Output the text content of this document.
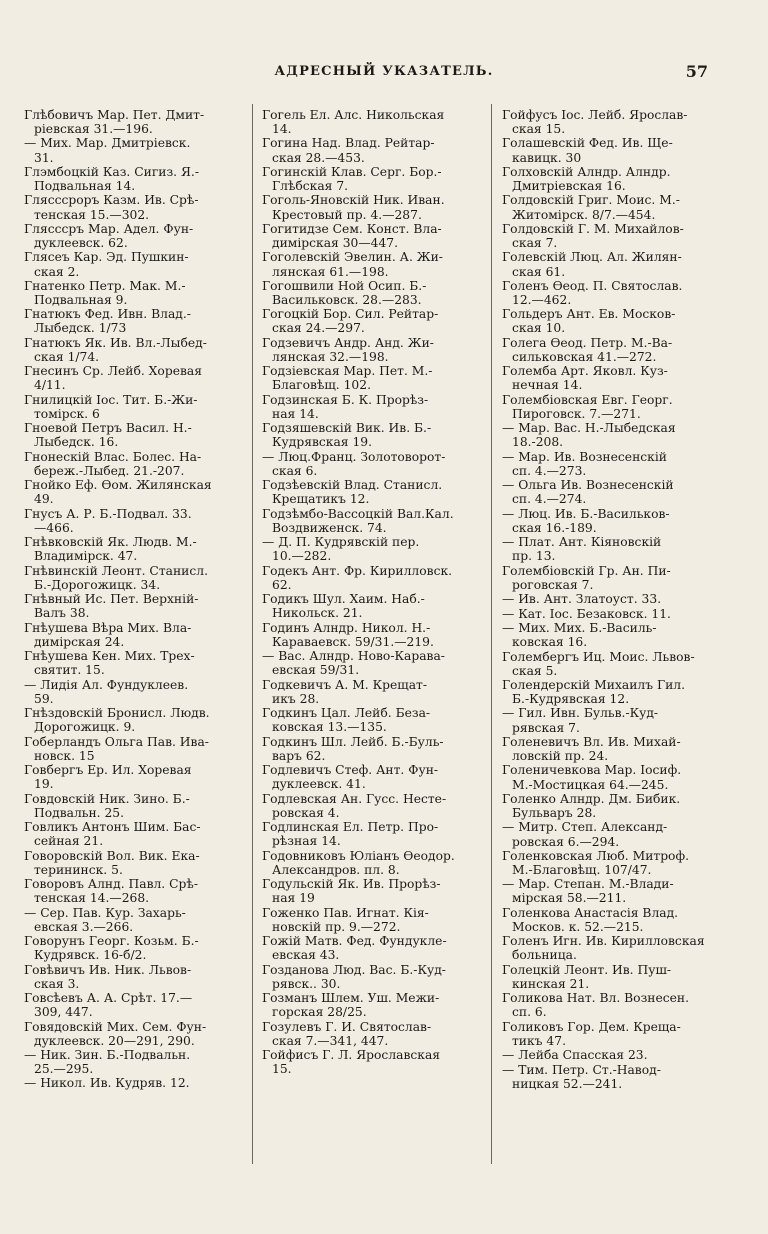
АДРЕСНЫЙ УКАЗАТЕЛЬ.	57
Глѣбовичъ Мар. Пет. Дмит-
ріевская 31.—196.
— Мих. Мар. Дмитріевск.
31.
Глэмбоцкій Каз. Сигиз. Я.-
Подвальная 14.
Глясссроръ Казм. Ив. Срѣ-
тенская 15.—302.
Глясссръ Мар. Адел. Фун-
дуклеевск. 62.
Глясеъ Кар. Эд. Пушкин-
ская 2.
Гнатенко Петр. Мак. М.-
Подвальная 9.
Гнатюкъ Фед. Ивн. Влад.-
Лыбедск. 1/73
Гнатюкъ Як. Ив. Вл.-Лыбед-
ская 1/74.
Гнесинъ Ср. Лейб. Хоревая
4/11.
Гнилицкій Іос. Тит. Б.-Жи-
томірск. 6
Гноевой Петръ Васил. Н.-
Лыбедск. 16.
Гнонескій Влас. Болес. На-
береж.-Лыбед. 21.-207.
Гнойко Еф. Ѳом. Жилянская
49.
Гнусъ А. Р. Б.-Подвал. 33.
—466.
Гнѣвковскій Як. Людв. М.-
Владимірск. 47.
Гнѣвинскій Леонт. Станисл.
Б.-Дорогожицк. 34.
Гнѣвный Ис. Пет. Верхній-
Валъ 38.
Гнѣушева Вѣра Мих. Вла-
димірская 24.
Гнѣушева Кен. Мих. Трех-
святит. 15.
— Лидія Ал. Фундуклеев.
59.
Гнѣздовскій Бронисл. Людв.
Дорогожицк. 9.
Гоберландъ Ольга Пав. Ива-
новск. 15
Говбергъ Ер. Ил. Хоревая
19.
Говдовскій Ник. Зино. Б.-
Подвальн. 25.
Говликъ Антонъ Шим. Бас-
сейная 21.
Говоровскій Вол. Вик. Ека-
терининск. 5.
Говоровъ Алнд. Павл. Срѣ-
тенская 14.—268.
— Сер. Пав. Кур. Захарь-
евская 3.—266.
Говорунъ Георг. Козьм. Б.-
Кудрявск. 16-б/2.
Говѣвичъ Ив. Ник. Львов-
ская 3.
Говсѣевъ А. А. Срѣт. 17.—
309, 447.
Говядовскій Мих. Сем. Фун-
дуклеевск. 20—291, 290.
— Ник. Зин. Б.-Подвальн.
25.—295.
— Никол. Ив. Кудряв. 12.
Гогель Ел. Алс. Никольская
14.
Гогина Над. Влад. Рейтар-
ская 28.—453.
Гогинскій Клав. Серг. Бор.-
Глѣбская 7.
Гоголь-Яновскій Ник. Иван.
Крестовый пр. 4.—287.
Гогитидзе Сем. Конст. Вла-
димірская 30—447.
Гоголевскій Эвелин. А. Жи-
лянская 61.—198.
Гогошвили Ной Осип. Б.-
Васильковск. 28.—283.
Гогоцкій Бор. Сил. Рейтар-
ская 24.—297.
Годзевичъ Андр. Анд. Жи-
лянская 32.—198.
Годзіевская Мар. Пет. М.-
Благовѣщ. 102.
Годзинская Б. К. Прорѣз-
ная 14.
Годзяшевскій Вик. Ив. Б.-
Кудрявская 19.
— Люц.Франц. Золотоворот-
ская 6.
Годзѣевскій Влад. Станисл.
Крещатикъ 12.
Годзѣмбо-Вассоцкій Вал.Кал.
Воздвиженск. 74.
— Д. П. Кудрявскій пер.
10.—282.
Годекъ Ант. Фр. Кирилловск.
62.
Годикъ Шул. Хаим. Наб.-
Никольск. 21.
Годинъ Алндр. Никол. Н.-
Караваевск. 59/31.—219.
— Вас. Алндр. Ново-Карава-
евская 59/31.
Годкевичъ А. М. Крещат-
икъ 28.
Годкинъ Цал. Лейб. Беза-
ковская 13.—135.
Годкинъ Шл. Лейб. Б.-Буль-
варъ 62.
Годлевичъ Стеф. Ант. Фун-
дуклеевск. 41.
Годлевская Ан. Гусс. Несте-
ровская 4.
Годлинская Ел. Петр. Про-
рѣзная 14.
Годовниковъ Юліанъ Ѳеодор.
Александров. пл. 8.
Годульскій Як. Ив. Прорѣз-
ная 19
Гоженко Пав. Игнат. Кія-
новскій пр. 9.—272.
Гожій Матв. Фед. Фундуклe-
евская 43.
Гозданова Люд. Вас. Б.-Куд-
рявск.. 30.
Гозманъ Шлем. Уш. Межи-
горская 28/25.
Гозулевъ Г. И. Святослав-
ская 7.—341, 447.
Гойфисъ Г. Л. Ярославская
15.
Гойфусъ Іос. Лейб. Ярослав-
ская 15.
Голашевскій Фед. Ив. Ще-
кавицк. 30
Голховскій Алндр. Алндр.
Дмитріевская 16.
Голдовскій Григ. Моис. М.-
Житомірск. 8/7.—454.
Голдовскій Г. М. Михайлов-
ская 7.
Голевскій Люц. Ал. Жилян-
ская 61.
Голенъ Ѳеод. П. Святослав.
12.—462.
Гольдеръ Ант. Ев. Москов-
ская 10.
Голега Ѳеод. Петр. М.-Ва-
сильковская 41.—272.
Големба Арт. Яковл. Куз-
нечная 14.
Голембіовская Евг. Георг.
Пироговск. 7.—271.
— Мар. Вас. Н.-Лыбедская
18.-208.
— Мар. Ив. Вознесенскій
сп. 4.—273.
— Ольга Ив. Вознесенскій
сп. 4.—274.
— Люц. Ив. Б.-Васильков-
ская 16.-189.
— Плат. Ант. Кіяновскій
пр. 13.
Голембіовскій Гр. Ан. Пи-
роговская 7.
— Ив. Ант. Златоуст. 33.
— Кат. Іос. Безаковск. 11.
— Мих. Мих. Б.-Василь-
ковская 16.
Голембергъ Иц. Моис. Львов-
ская 5.
Голендерскій Михаилъ Гил.
Б.-Кудрявская 12.
— Гил. Ивн. Бульв.-Куд-
рявская 7.
Голеневичъ Вл. Ив. Михай-
ловскій пр. 24.
Голеничевкова Мар. Іосиф.
М.-Мостицкая 64.—245.
Голенко Алндр. Дм. Бибик.
Бульваръ 28.
— Митр. Степ. Александ-
ровская 6.—294.
Голенковская Люб. Митроф.
М.-Благовѣщ. 107/47.
— Мар. Степан. М.-Влади-
мірская 58.—211.
Голенкова Анастасія Влад.
Москов. к. 52.—215.
Голенъ Игн. Ив. Кирилловская
больница.
Голецкій Леонт. Ив. Пуш-
кинская 21.
Голикова Нат. Вл. Вознесен.
сп. 6.
Голиковъ Гор. Дем. Креща-
тикъ 47.
— Лейба Спасская 23.
— Тим. Петр. Ст.-Навод-
ницкая 52.—241.
